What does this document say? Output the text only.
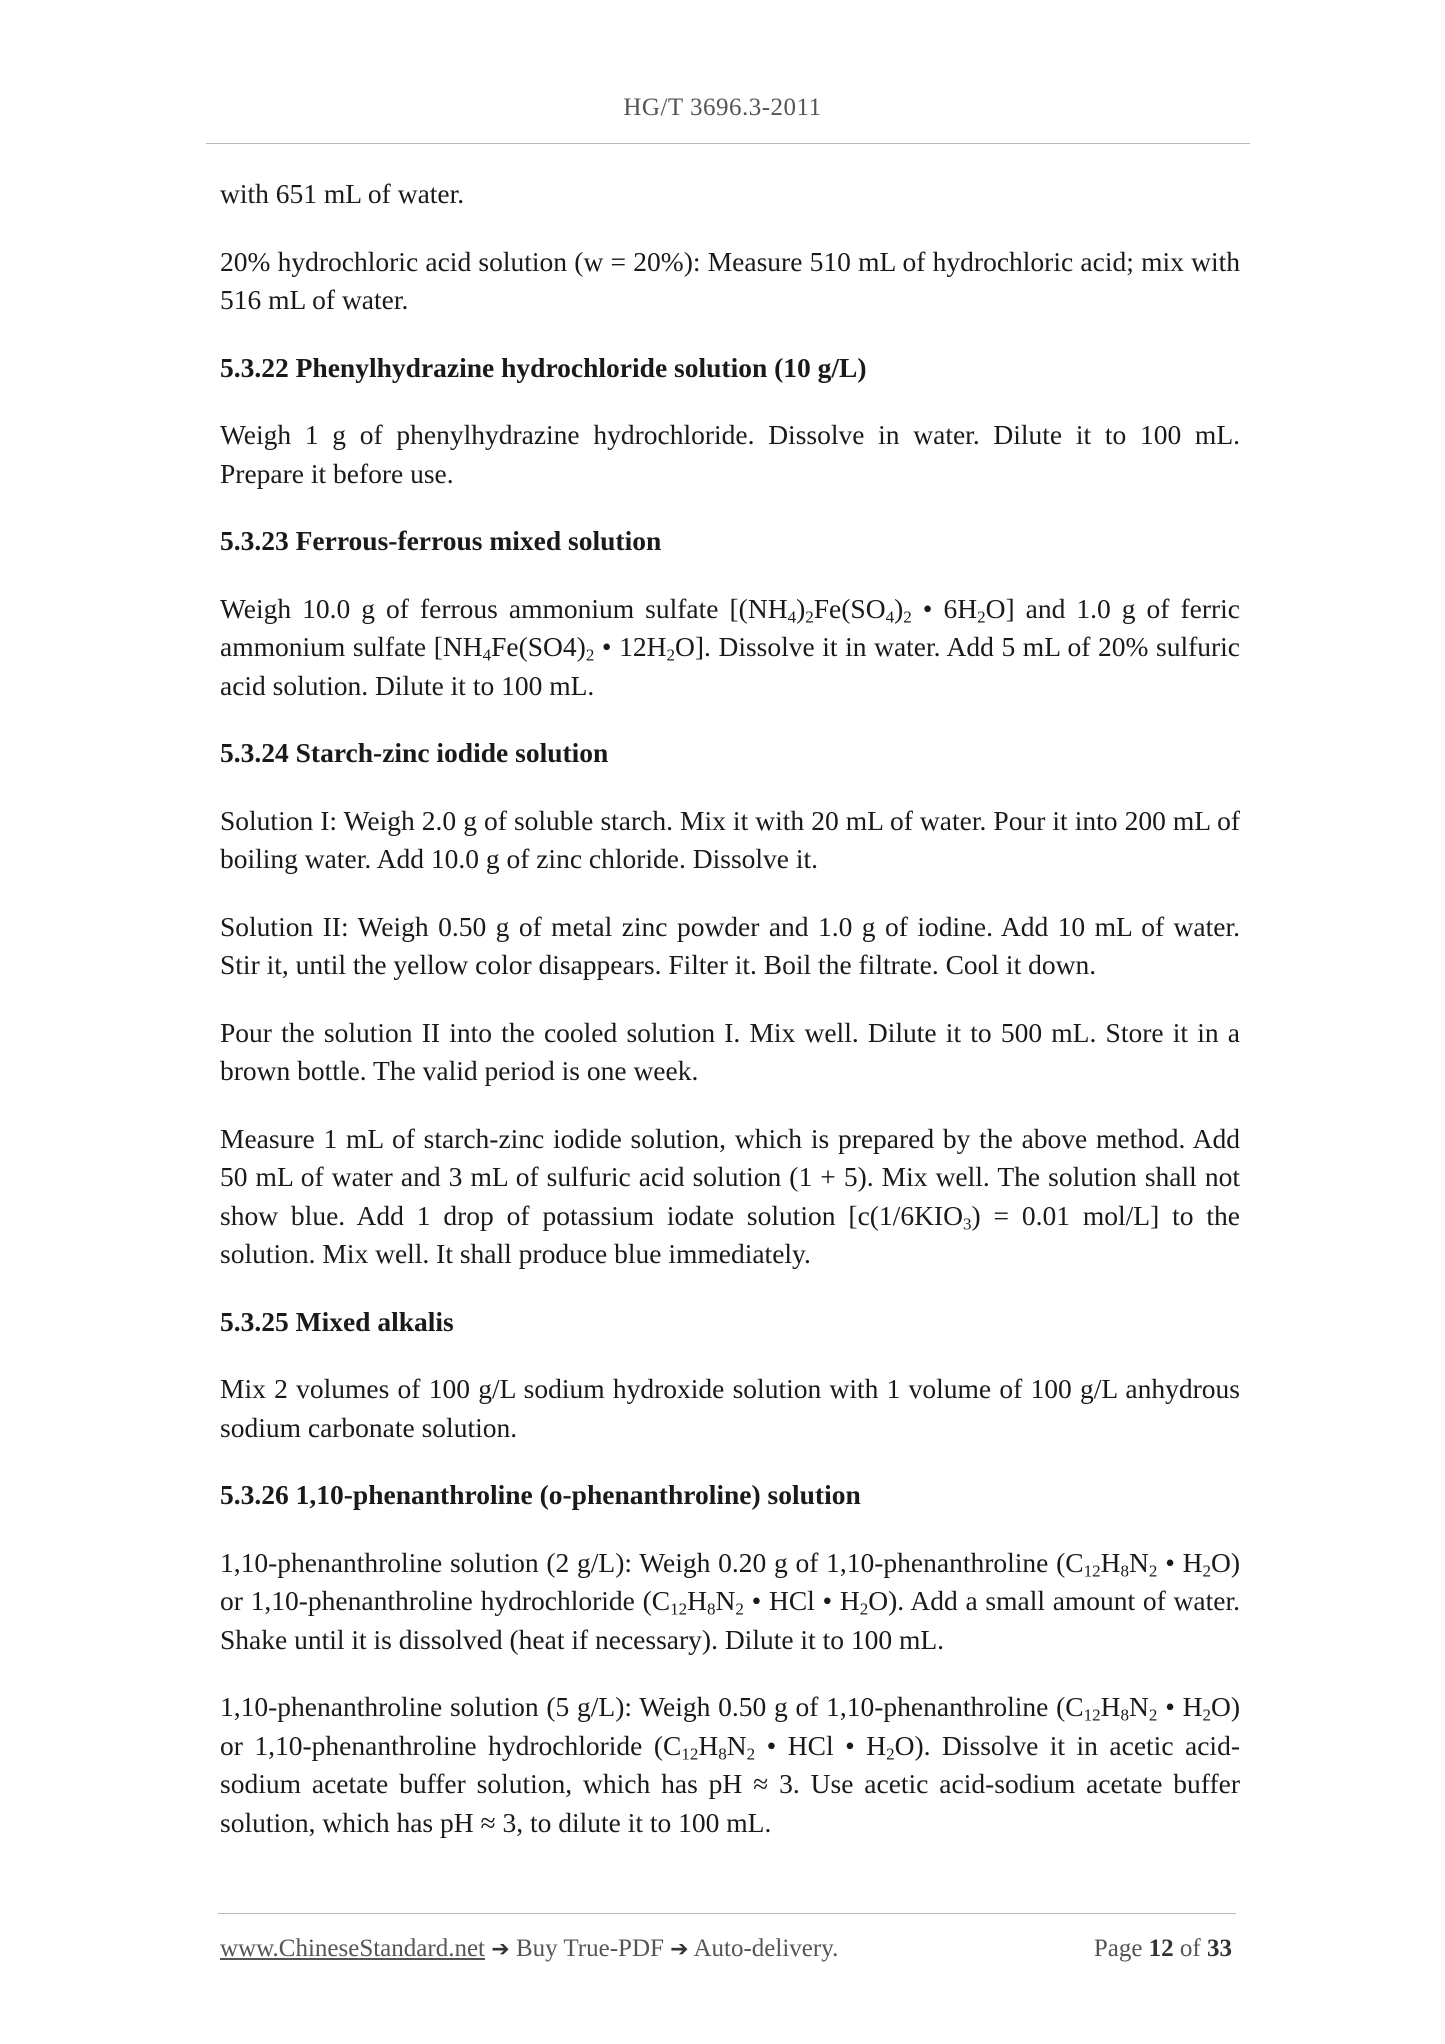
HG/T 3696.3-2011

with 651 mL of water.

20% hydrochloric acid solution (w = 20%): Measure 510 mL of hydrochloric acid; mix with 516 mL of water.

5.3.22 Phenylhydrazine hydrochloride solution (10 g/L)

Weigh 1 g of phenylhydrazine hydrochloride. Dissolve in water. Dilute it to 100 mL. Prepare it before use.

5.3.23 Ferrous-ferrous mixed solution

Weigh 10.0 g of ferrous ammonium sulfate [$(NH_4)_2Fe(SO_4)_2$ • $6H_2O$] and 1.0 g of ferric ammonium sulfate [$NH_4Fe(SO4)_2$ • $12H_2O$]. Dissolve it in water. Add 5 mL of 20% sulfuric acid solution. Dilute it to 100 mL.

5.3.24 Starch-zinc iodide solution

Solution I: Weigh 2.0 g of soluble starch. Mix it with 20 mL of water. Pour it into 200 mL of boiling water. Add 10.0 g of zinc chloride. Dissolve it.

Solution II: Weigh 0.50 g of metal zinc powder and 1.0 g of iodine. Add 10 mL of water. Stir it, until the yellow color disappears. Filter it. Boil the filtrate. Cool it down.

Pour the solution II into the cooled solution I. Mix well. Dilute it to 500 mL. Store it in a brown bottle. The valid period is one week.

Measure 1 mL of starch-zinc iodide solution, which is prepared by the above method. Add 50 mL of water and 3 mL of sulfuric acid solution (1 + 5). Mix well. The solution shall not show blue. Add 1 drop of potassium iodate solution [$c(1/6KIO_3) = 0.01$ mol/L] to the solution. Mix well. It shall produce blue immediately.

5.3.25 Mixed alkalis

Mix 2 volumes of 100 g/L sodium hydroxide solution with 1 volume of 100 g/L anhydrous sodium carbonate solution.

5.3.26 1,10-phenanthroline (o-phenanthroline) solution

1,10-phenanthroline solution (2 g/L): Weigh 0.20 g of 1,10-phenanthroline ($C_{12}H_8N_2$ • $H_2O$) or 1,10-phenanthroline hydrochloride ($C_{12}H_8N_2$ • HCl • $H_2O$). Add a small amount of water. Shake until it is dissolved (heat if necessary). Dilute it to 100 mL.

1,10-phenanthroline solution (5 g/L): Weigh 0.50 g of 1,10-phenanthroline ($C_{12}H_8N_2$ • $H_2O$) or 1,10-phenanthroline hydrochloride ($C_{12}H_8N_2$ • HCl • $H_2O$). Dissolve it in acetic acid-sodium acetate buffer solution, which has pH ≈ 3. Use acetic acid-sodium acetate buffer solution, which has pH ≈ 3, to dilute it to 100 mL.

www.ChineseStandard.net ➔ Buy True-PDF ➔ Auto-delivery.	Page 12 of 33
